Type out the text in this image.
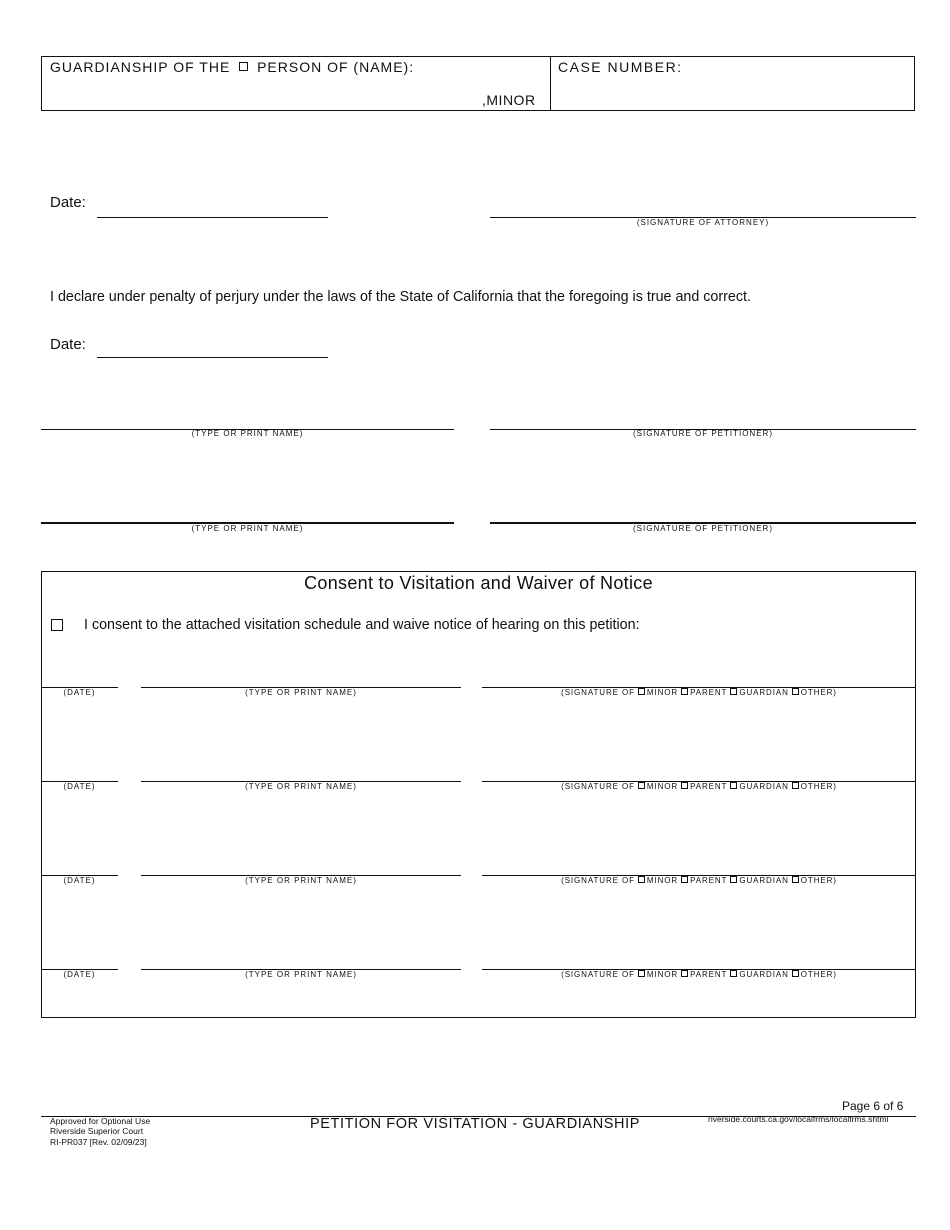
GUARDIANSHIP OF THE PERSON OF (NAME):
,MINOR
CASE NUMBER:
Date:
(SIGNATURE OF ATTORNEY)
I declare under penalty of perjury under the laws of the State of California that the foregoing is true and correct.
Date:
(TYPE OR PRINT NAME)	(SIGNATURE OF PETITIONER)
(TYPE OR PRINT NAME)	(SIGNATURE OF PETITIONER)
Consent to Visitation and Waiver of Notice
I consent to the attached visitation schedule and waive notice of hearing on this petition:
(DATE)	(TYPE OR PRINT NAME)	(SIGNATURE OF MINOR PARENT GUARDIAN OTHER)
(DATE)	(TYPE OR PRINT NAME)	(SIGNATURE OF MINOR PARENT GUARDIAN OTHER)
(DATE)	(TYPE OR PRINT NAME)	(SIGNATURE OF MINOR PARENT GUARDIAN OTHER)
(DATE)	(TYPE OR PRINT NAME)	(SIGNATURE OF MINOR PARENT GUARDIAN OTHER)
Page 6 of 6
Approved for Optional Use
Riverside Superior Court
RI-PR037 [Rev. 02/09/23]
PETITION FOR VISITATION - GUARDIANSHIP	riverside.courts.ca.gov/localfrms/localfrms.shtml
